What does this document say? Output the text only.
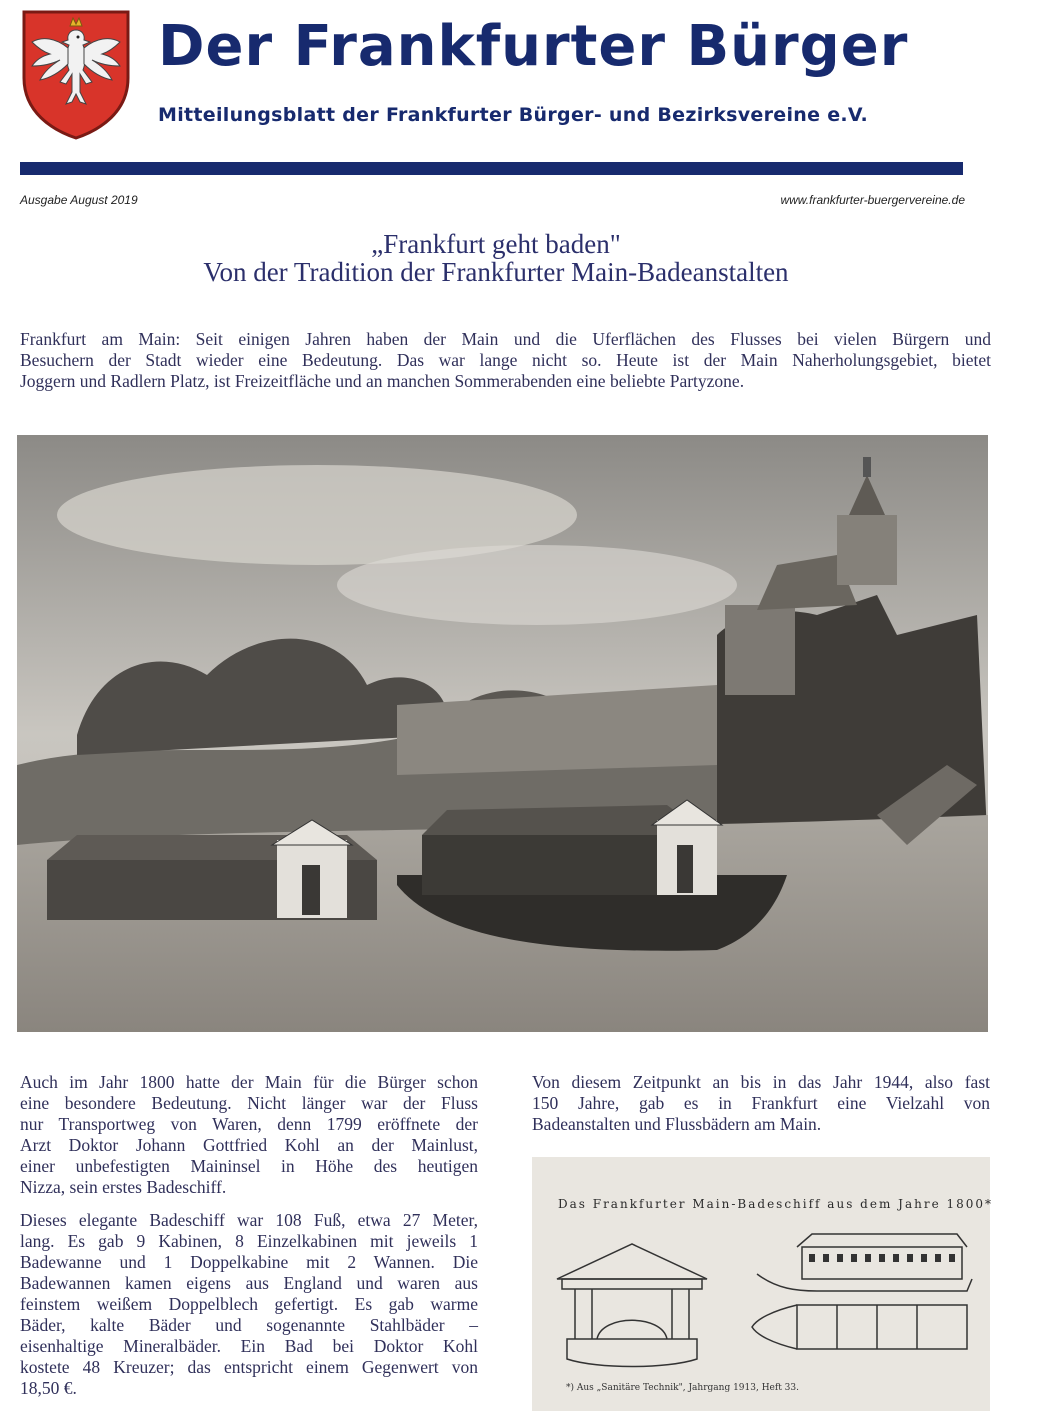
Der Frankfurter Bürger
Mitteilungsblatt der Frankfurter Bürger- und Bezirksvereine e.V.
Ausgabe August 2019	www.frankfurter-buergervereine.de
„Frankfurt geht baden"
Von der Tradition der Frankfurter Main-Badeanstalten
Frankfurt am Main: Seit einigen Jahren haben der Main und die Uferflächen des Flusses bei vielen Bürgern und
Besuchern der Stadt wieder eine Bedeutung. Das war lange nicht so. Heute ist der Main Naherholungsgebiet, bietet
Joggern und Radlern Platz, ist Freizeitfläche und an manchen Sommerabenden eine beliebte Partyzone.
Auch im Jahr 1800 hatte der Main für die Bürger schon
eine besondere Bedeutung. Nicht länger war der Fluss
nur Transportweg von Waren, denn 1799 eröffnete der
Arzt Doktor Johann Gottfried Kohl an der Mainlust,
einer unbefestigten Maininsel in Höhe des heutigen
Nizza, sein erstes Badeschiff.
Dieses elegante Badeschiff war 108 Fuß, etwa 27 Meter,
lang. Es gab 9 Kabinen, 8 Einzelkabinen mit jeweils 1
Badewanne und 1 Doppelkabine mit 2 Wannen. Die
Badewannen kamen eigens aus England und waren aus
feinstem weißem Doppelblech gefertigt. Es gab warme
Bäder, kalte Bäder und sogenannte Stahlbäder –
eisenhaltige Mineralbäder. Ein Bad bei Doktor Kohl
kostete 48 Kreuzer; das entspricht einem Gegenwert von
18,50 €.
Von diesem Zeitpunkt an bis in das Jahr 1944, also fast
150 Jahre, gab es in Frankfurt eine Vielzahl von
Badeanstalten und Flussbädern am Main.
Das Frankfurter Main-Badeschiff aus dem Jahre 1800*
*) Aus „Sanitäre Technik", Jahrgang 1913, Heft 33.
